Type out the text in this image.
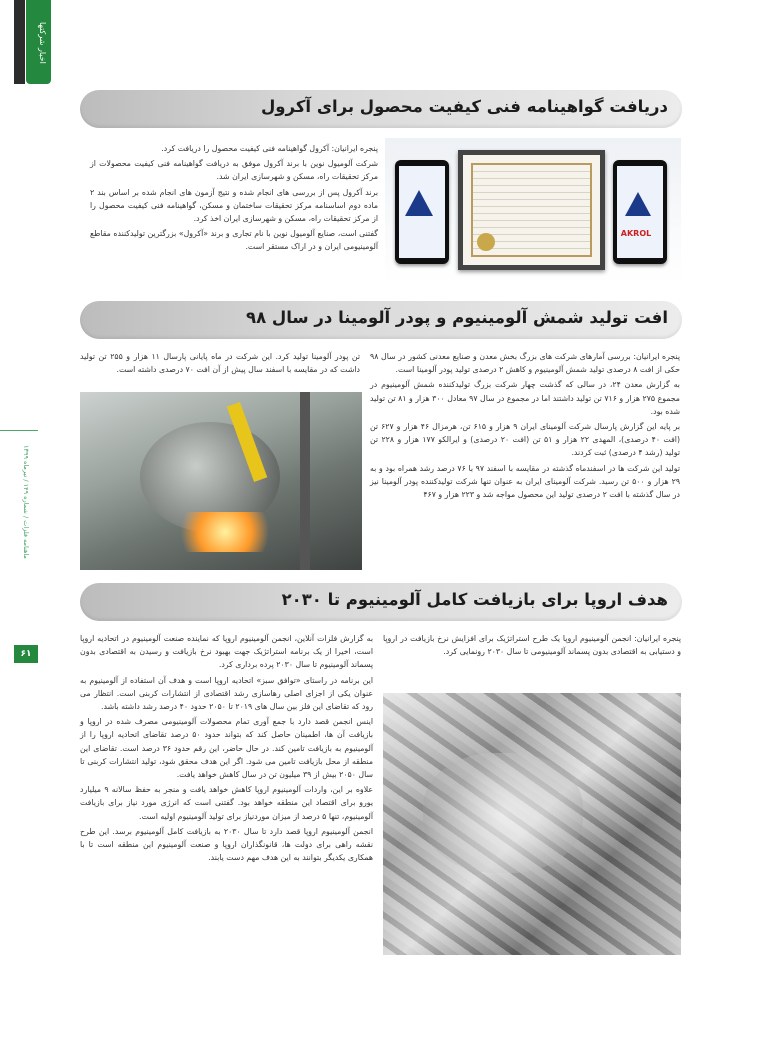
اخبار شرکتها
ماهنامه فلزات / شماره ۱۴۹ / تیرماه ۱۳۹۹
۶۱
دریافت گواهینامه فنی کیفیت محصول برای آکرول

پنجره ایرانیان: آکرول گواهینامه فنی کیفیت محصول را دریافت کرد.

شرکت آلومیول نوین با برند آکرول موفق به دریافت گواهینامه فنی کیفیت محصولات از مرکز تحقیقات راه، مسکن و شهرسازی ایران شد.

برند آکرول پس از بررسی های انجام شده و نتیج آزمون های انجام شده بر اساس بند ۲ ماده دوم اساسنامه مرکز تحقیقات ساختمان و مسکن، گواهینامه فنی کیفیت محصول را از مرکز تحقیقات راه، مسکن و شهرسازی ایران اخذ کرد.

گفتنی است، صنایع آلومیول نوین با نام تجاری و برند «آکرول» بزرگترین تولیدکننده مقاطع آلومینیومی ایران و در اراک مستقر است.

AKROL
افت تولید شمش آلومینیوم و پودر آلومینا در سال ۹۸

پنجره ایرانیان: بررسی آمارهای شرکت های بزرگ بخش معدن و صنایع معدنی کشور در سال ۹۸ حکی از افت ۸ درصدی تولید شمش آلومینیوم و کاهش ۲ درصدی تولید پودر آلومینا است.

به گزارش معدن ۲۴، در سالی که گذشت چهار شرکت بزرگ تولیدکننده شمش آلومینیوم در مجموع ۲۷۵ هزار و ۷۱۶ تن تولید داشتند اما در مجموع در سال ۹۷ معادل ۳۰۰ هزار و ۸۱ تن تولید شده بود.

بر پایه این گزارش پارسال شرکت آلومینای ایران ۹ هزار و ۶۱۵ تن، هرمزال ۴۶ هزار و ۶۲۷ تن (افت ۴۰ درصدی)، المهدی ۲۲ هزار و ۵۱ تن (افت ۲۰ درصدی) و ایرالکو ۱۷۷ هزار و ۲۲۸ تن تولید (رشد ۴ درصدی) ثبت کردند.

تولید این شرکت ها در اسفندماه گذشته در مقایسه با اسفند ۹۷ با ۷۶ درصد رشد همراه بود و به ۲۹ هزار و ۵۰۰ تن رسید. شرکت آلومینای ایران به عنوان تنها شرکت تولیدکننده پودر آلومینا نیز در سال گذشته با افت ۲ درصدی تولید این محصول مواجه شد و ۲۲۳ هزار و ۴۶۷

تن پودر آلومینا تولید کرد. این شرکت در ماه پایانی پارسال ۱۱ هزار و ۲۵۵ تن تولید داشت که در مقایسه با اسفند سال پیش از آن افت ۷۰ درصدی داشته است.

هدف اروپا برای بازیافت کامل آلومینیوم تا ۲۰۳۰

پنجره ایرانیان: انجمن آلومینیوم اروپا یک طرح استراتژیک برای افزایش نرخ بازیافت در اروپا و دستیابی به اقتصادی بدون پسماند آلومینیومی تا سال ۲۰۳۰ رونمایی کرد.

به گزارش فلزات آنلاین، انجمن آلومینیوم اروپا که نماینده صنعت آلومینیوم در اتحادیه اروپا است، اخیرا از یک برنامه استراتژیک جهت بهبود نرخ بازیافت و رسیدن به اقتصادی بدون پسماند آلومینیوم تا سال ۲۰۳۰ پرده برداری کرد.

این برنامه در راستای «توافق سبز» اتحادیه اروپا است و هدف آن استفاده از آلومینیوم به عنوان یکی از اجزای اصلی رهاسازی رشد اقتصادی از انتشارات کربنی است. انتظار می رود که تقاضای این فلز بین سال های ۲۰۱۹ تا ۲۰۵۰ حدود ۴۰ درصد رشد داشته باشد.

اینس انجمن قصد دارد با جمع آوری تمام محصولات آلومینیومی مصرف شده در اروپا و بازیافت آن ها، اطمینان حاصل کند که بتواند حدود ۵۰ درصد تقاضای اتحادیه اروپا را از آلومینیوم به بازیافت تامین کند. در حال حاضر، این رقم حدود ۳۶ درصد است. تقاضای این منطقه از محل بازیافت تامین می شود. اگر این هدف محقق شود، تولید انتشارات کربنی تا سال ۲۰۵۰ بیش از ۳۹ میلیون تن در سال کاهش خواهد یافت.

علاوه بر این، واردات آلومینیوم اروپا کاهش خواهد یافت و منجر به حفظ سالانه ۹ میلیارد یورو برای اقتصاد این منطقه خواهد بود. گفتنی است که انرژی مورد نیاز برای بازیافت آلومینیوم، تنها ۵ درصد از میزان موردنیاز برای تولید آلومینیوم اولیه است.

انجمن آلومینیوم اروپا قصد دارد تا سال ۲۰۳۰ به بازیافت کامل آلومینیوم برسد. این طرح نقشه راهی برای دولت ها، قانونگذاران اروپا و صنعت آلومینیوم این منطقه است تا با همکاری یکدیگر بتوانند به این هدف مهم دست یابند.
